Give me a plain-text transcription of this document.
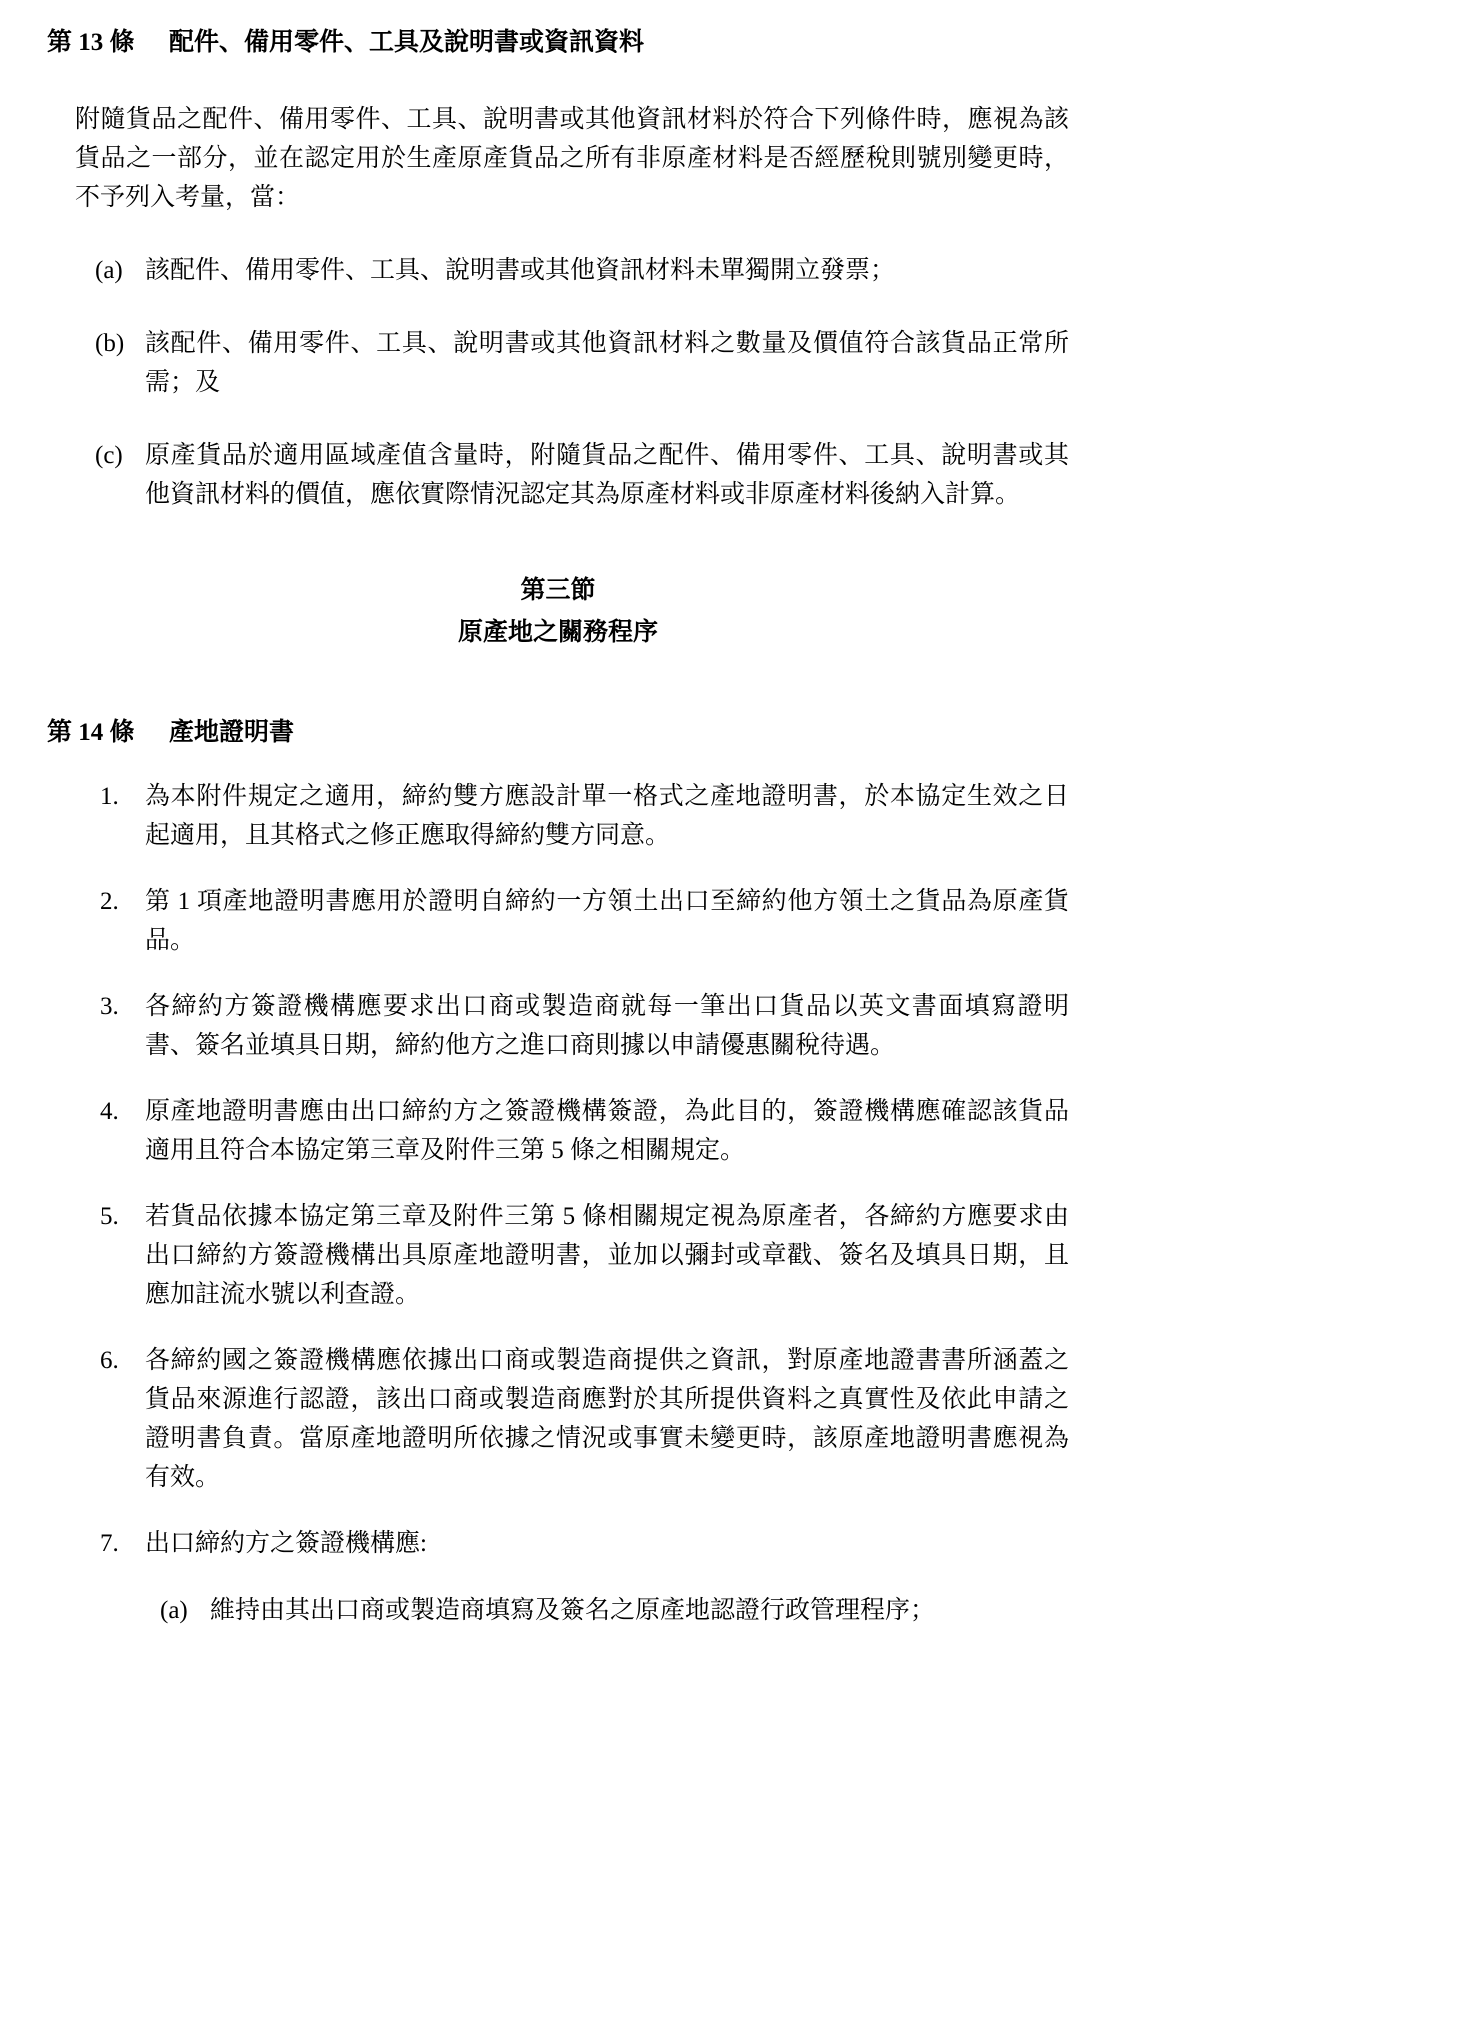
第 13 條	配件、備用零件、工具及說明書或資訊資料

附隨貨品之配件、備用零件、工具、說明書或其他資訊材料於符合下列條件時，應視為該貨品之一部分，並在認定用於生產原產貨品之所有非原產材料是否經歷稅則號別變更時，不予列入考量，當：

(a) 該配件、備用零件、工具、說明書或其他資訊材料未單獨開立發票；
(b) 該配件、備用零件、工具、說明書或其他資訊材料之數量及價值符合該貨品正常所需；及
(c) 原產貨品於適用區域產值含量時，附隨貨品之配件、備用零件、工具、說明書或其他資訊材料的價值，應依實際情況認定其為原產材料或非原產材料後納入計算。
第三節
原產地之關務程序
第 14 條	產地證明書
1.	為本附件規定之適用，締約雙方應設計單一格式之產地證明書，於本協定生效之日起適用，且其格式之修正應取得締約雙方同意。
2.	第 1 項產地證明書應用於證明自締約一方領土出口至締約他方領土之貨品為原產貨品。
3.	各締約方簽證機構應要求出口商或製造商就每一筆出口貨品以英文書面填寫證明書、簽名並填具日期，締約他方之進口商則據以申請優惠關稅待遇。
4.	原產地證明書應由出口締約方之簽證機構簽證，為此目的，簽證機構應確認該貨品適用且符合本協定第三章及附件三第 5 條之相關規定。
5.	若貨品依據本協定第三章及附件三第 5 條相關規定視為原產者，各締約方應要求由出口締約方簽證機構出具原產地證明書，並加以彌封或章戳、簽名及填具日期，且應加註流水號以利查證。
6.	各締約國之簽證機構應依據出口商或製造商提供之資訊，對原產地證書書所涵蓋之貨品來源進行認證，該出口商或製造商應對於其所提供資料之真實性及依此申請之證明書負責。當原產地證明所依據之情況或事實未變更時，該原產地證明書應視為有效。
7.	出口締約方之簽證機構應:
(a) 維持由其出口商或製造商填寫及簽名之原產地認證行政管理程序；
